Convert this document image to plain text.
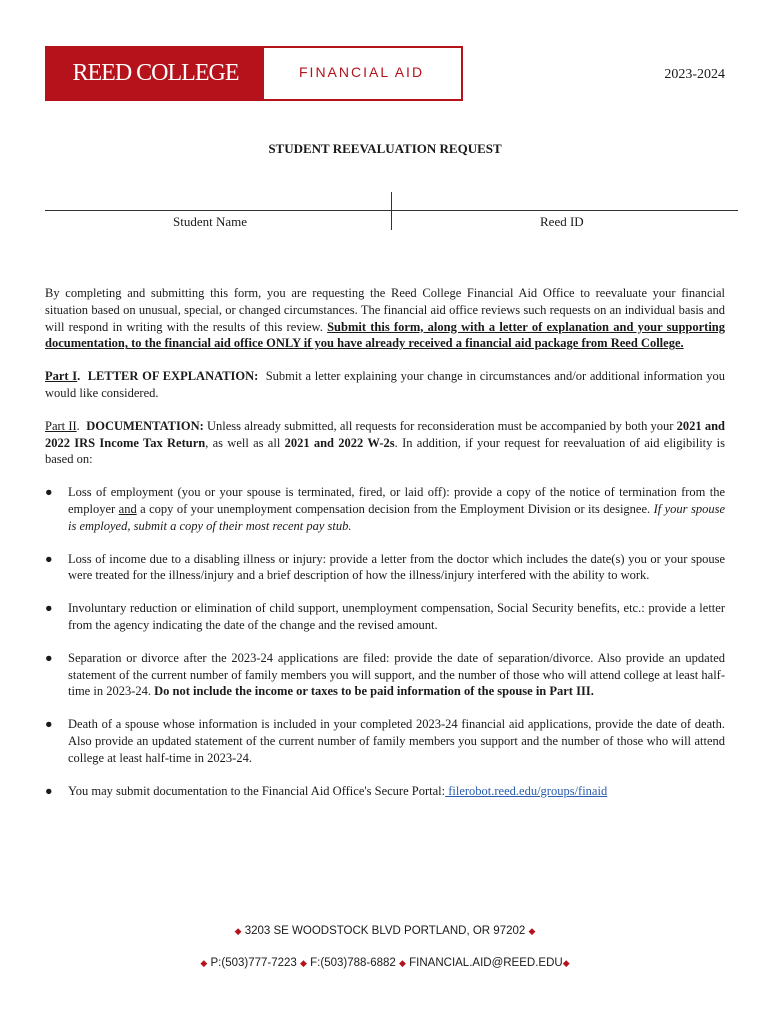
REED COLLEGE	FINANCIAL AID	2023-2024
STUDENT REEVALUATION REQUEST
Student Name	Reed ID

By completing and submitting this form, you are requesting the Reed College Financial Aid Office to reevaluate your financial situation based on unusual, special, or changed circumstances. The financial aid office reviews such requests on an individual basis and will respond in writing with the results of this review. Submit this form, along with a letter of explanation and your supporting documentation, to the financial aid office ONLY if you have already received a financial aid package from Reed College.

Part I.  LETTER OF EXPLANATION: Submit a letter explaining your change in circumstances and/or additional information you would like considered.

Part II.  DOCUMENTATION: Unless already submitted, all requests for reconsideration must be accompanied by both your 2021 and 2022 IRS Income Tax Return, as well as all 2021 and 2022 W-2s. In addition, if your request for reevaluation of aid eligibility is based on:

● Loss of employment (you or your spouse is terminated, fired, or laid off): provide a copy of the notice of termination from the employer and a copy of your unemployment compensation decision from the Employment Division or its designee. If your spouse is employed, submit a copy of their most recent pay stub.
● Loss of income due to a disabling illness or injury: provide a letter from the doctor which includes the date(s) you or your spouse were treated for the illness/injury and a brief description of how the illness/injury interfered with the ability to work.
● Involuntary reduction or elimination of child support, unemployment compensation, Social Security benefits, etc.: provide a letter from the agency indicating the date of the change and the revised amount.
● Separation or divorce after the 2023-24 applications are filed: provide the date of separation/divorce. Also provide an updated statement of the current number of family members you will support, and the number of those who will attend college at least half-time in 2023-24. Do not include the income or taxes to be paid information of the spouse in Part III.
● Death of a spouse whose information is included in your completed 2023-24 financial aid applications, provide the date of death. Also provide an updated statement of the current number of family members you support and the number of those who will attend college at least half-time in 2023-24.
● You may submit documentation to the Financial Aid Office's Secure Portal: filerobot.reed.edu/groups/finaid
◆ 3203 SE WOODSTOCK BLVD PORTLAND, OR 97202 ◆
◆ P:(503)777-7223 ◆ F:(503)788-6882 ◆ FINANCIAL.AID@REED.EDU◆
